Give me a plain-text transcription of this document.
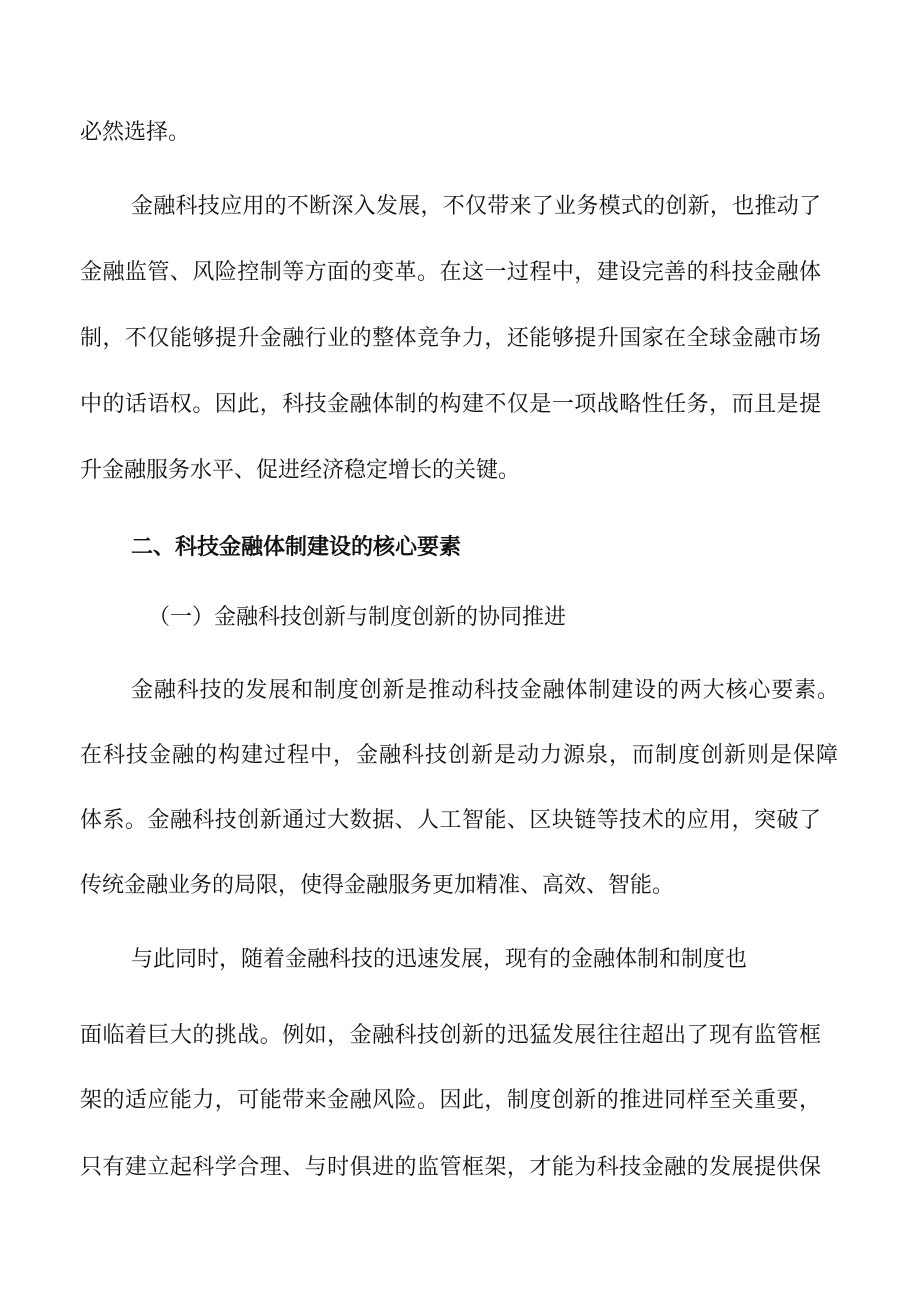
必然选择。
金融科技应用的不断深入发展，不仅带来了业务模式的创新，也推动了
金融监管、风险控制等方面的变革。在这一过程中，建设完善的科技金融体
制，不仅能够提升金融行业的整体竞争力，还能够提升国家在全球金融市场
中的话语权。因此，科技金融体制的构建不仅是一项战略性任务，而且是提
升金融服务水平、促进经济稳定增长的关键。
二、科技金融体制建设的核心要素
（一）金融科技创新与制度创新的协同推进
金融科技的发展和制度创新是推动科技金融体制建设的两大核心要素。
在科技金融的构建过程中，金融科技创新是动力源泉，而制度创新则是保障
体系。金融科技创新通过大数据、人工智能、区块链等技术的应用，突破了
传统金融业务的局限，使得金融服务更加精准、高效、智能。
与此同时，随着金融科技的迅速发展，现有的金融体制和制度也
面临着巨大的挑战。例如，金融科技创新的迅猛发展往往超出了现有监管框
架的适应能力，可能带来金融风险。因此，制度创新的推进同样至关重要，
只有建立起科学合理、与时俱进的监管框架，才能为科技金融的发展提供保
